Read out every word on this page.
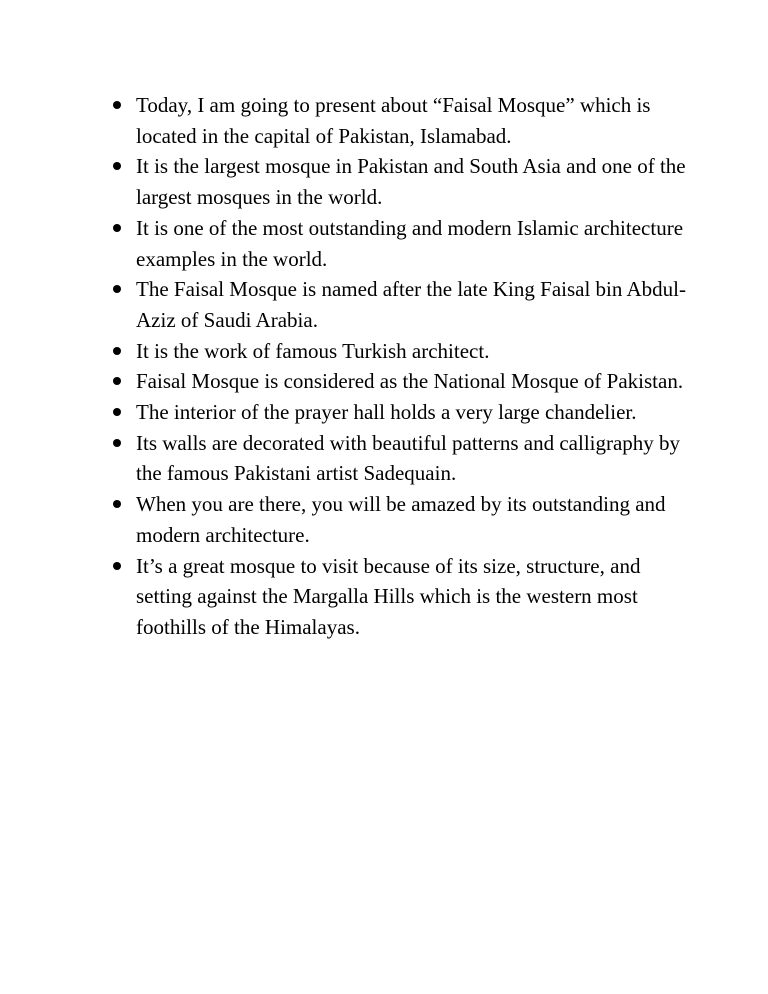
Today, I am going to present about “Faisal Mosque” which is located in the capital of Pakistan, Islamabad.
It is the largest mosque in Pakistan and South Asia and one of the largest mosques in the world.
It is one of the most outstanding and modern Islamic architecture examples in the world.
The Faisal Mosque is named after the late King Faisal bin Abdul-Aziz of Saudi Arabia.
It is the work of famous Turkish architect.
Faisal Mosque is considered as the National Mosque of Pakistan.
The interior of the prayer hall holds a very large chandelier.
Its walls are decorated with beautiful patterns and calligraphy by the famous Pakistani artist Sadequain.
When you are there, you will be amazed by its outstanding and modern architecture.
It’s a great mosque to visit because of its size, structure, and setting against the Margalla Hills which is the western most foothills of the Himalayas.
